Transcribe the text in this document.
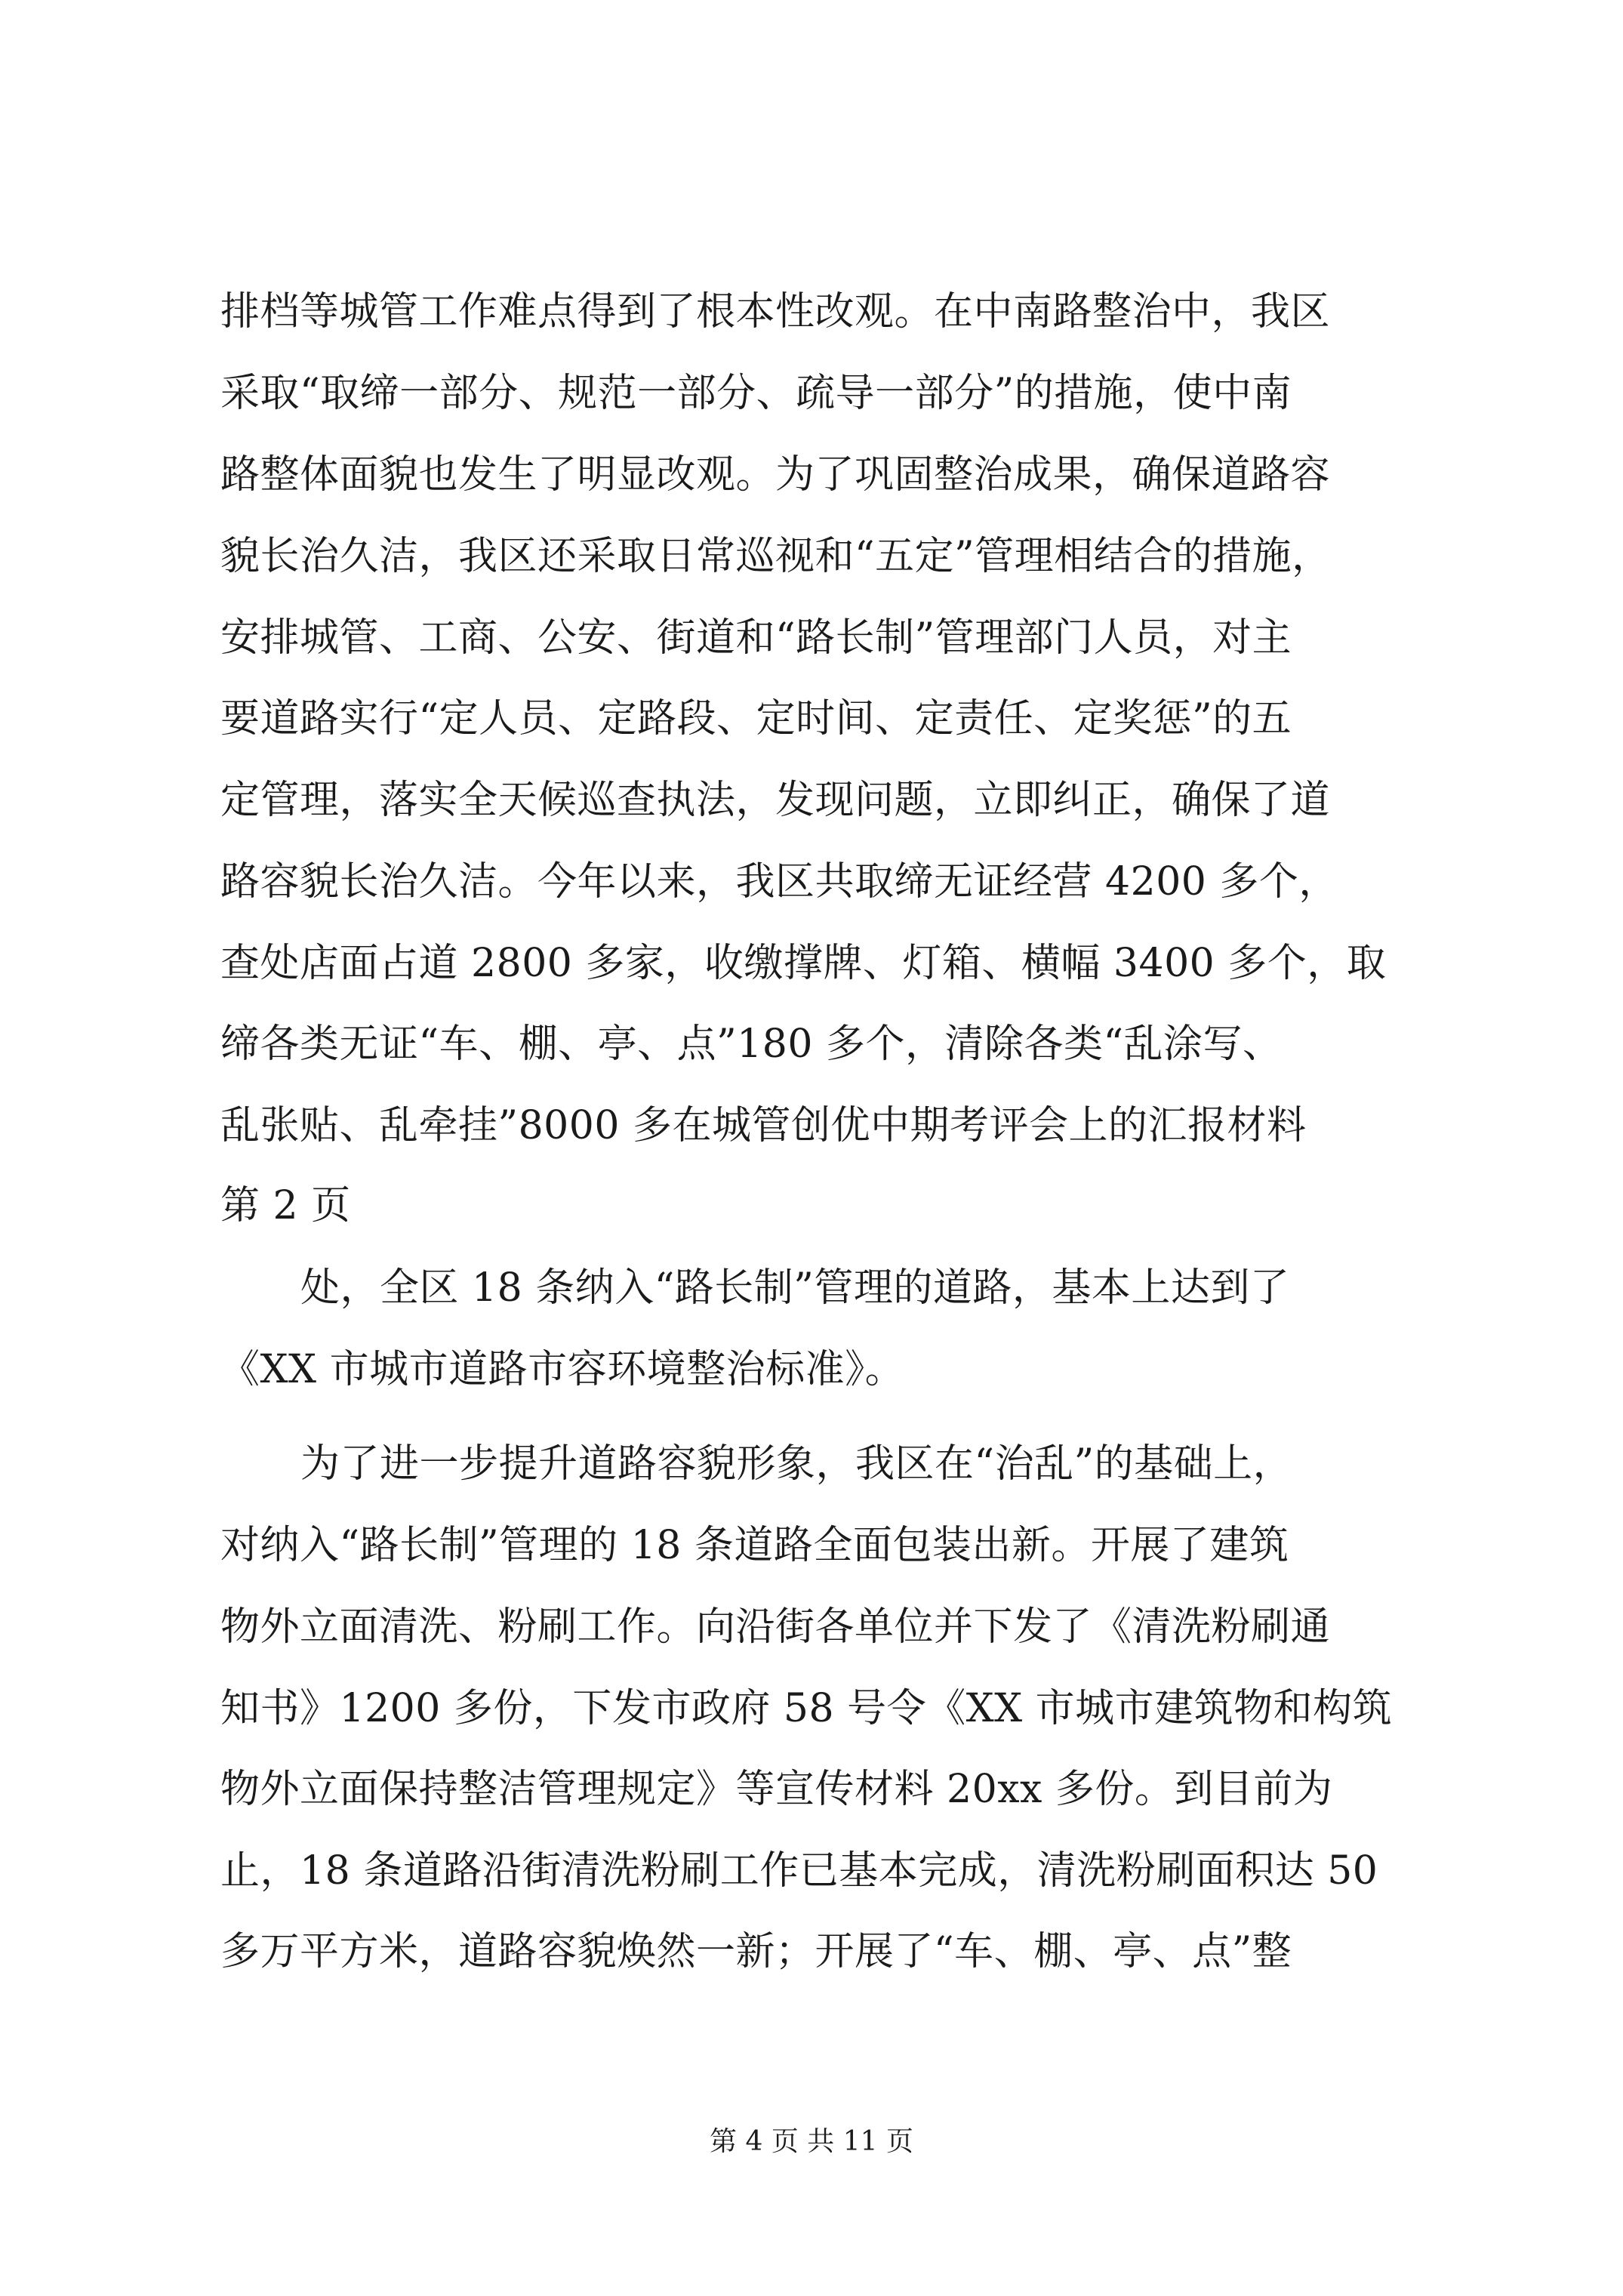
排档等城管工作难点得到了根本性改观。在中南路整治中，我区
采取“取缔一部分、规范一部分、疏导一部分”的措施，使中南
路整体面貌也发生了明显改观。为了巩固整治成果，确保道路容
貌长治久洁，我区还采取日常巡视和“五定”管理相结合的措施，
安排城管、工商、公安、街道和“路长制”管理部门人员，对主
要道路实行“定人员、定路段、定时间、定责任、定奖惩”的五
定管理，落实全天候巡查执法，发现问题，立即纠正，确保了道
路容貌长治久洁。今年以来，我区共取缔无证经营 4200 多个，
查处店面占道 2800 多家，收缴撑牌、灯箱、横幅 3400 多个，取
缔各类无证“车、棚、亭、点”180 多个，清除各类“乱涂写、
乱张贴、乱牵挂”8000 多在城管创优中期考评会上的汇报材料
第 2 页
处，全区 18 条纳入“路长制”管理的道路，基本上达到了
《XX 市城市道路市容环境整治标准》。
为了进一步提升道路容貌形象，我区在“治乱”的基础上，
对纳入“路长制”管理的 18 条道路全面包装出新。开展了建筑
物外立面清洗、粉刷工作。向沿街各单位并下发了《清洗粉刷通
知书》1200 多份，下发市政府 58 号令《XX 市城市建筑物和构筑
物外立面保持整洁管理规定》等宣传材料 20xx 多份。到目前为
止，18 条道路沿街清洗粉刷工作已基本完成，清洗粉刷面积达 50
多万平方米，道路容貌焕然一新；开展了“车、棚、亭、点”整
第 4 页 共 11 页
